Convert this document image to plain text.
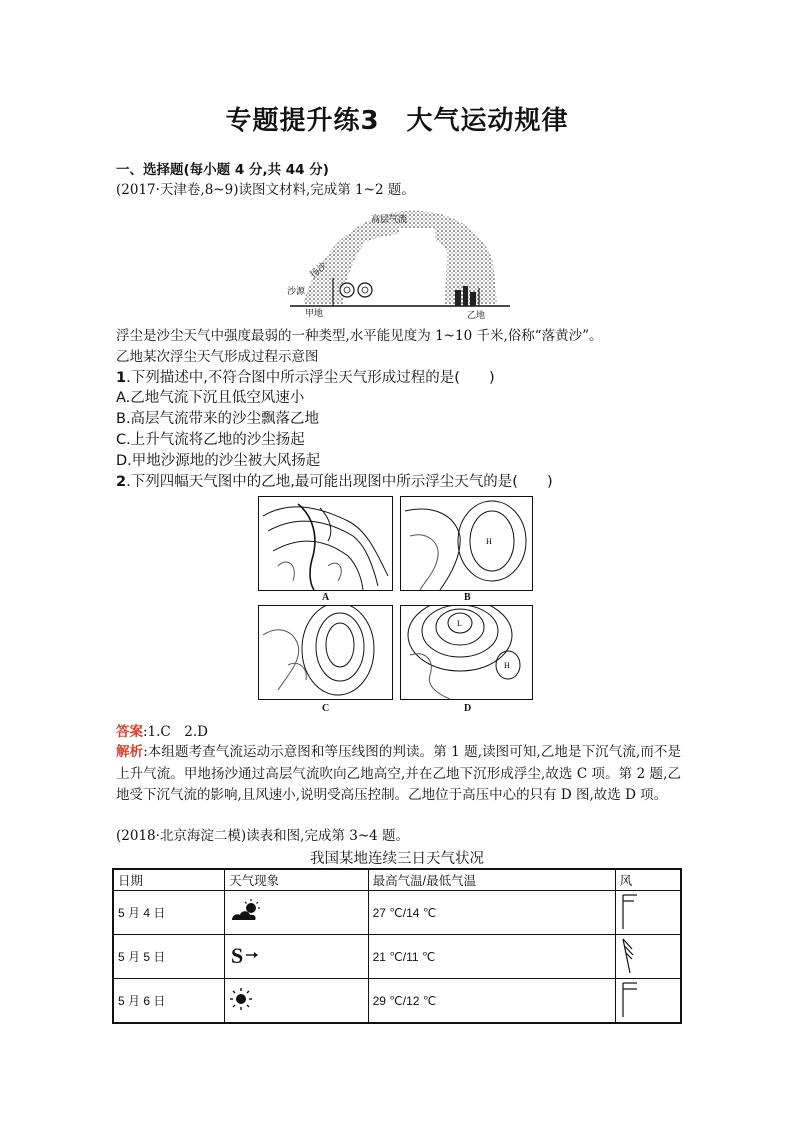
专题提升练3　大气运动规律
一、选择题(每小题 4 分,共 44 分)
(2017·天津卷,8~9)读图文材料,完成第 1~2 题。
高层气流
沙源
扬沙
甲地	乙地
浮尘是沙尘天气中强度最弱的一种类型,水平能见度为 1~10 千米,俗称“落黄沙”。
乙地某次浮尘天气形成过程示意图
1.下列描述中,不符合图中所示浮尘天气形成过程的是(　　)
A.乙地气流下沉且低空风速小
B.高层气流带来的沙尘飘落乙地
C.上升气流将乙地的沙尘扬起
D.甲地沙源地的沙尘被大风扬起
2.下列四幅天气图中的乙地,最可能出现图中所示浮尘天气的是(　　)
H
L
H
A	B
C	D
答案:1.C　2.D
解析:本组题考查气流运动示意图和等压线图的判读。第 1 题,读图可知,乙地是下沉气流,而不是上升气流。甲地扬沙通过高层气流吹向乙地高空,并在乙地下沉形成浮尘,故选 C 项。第 2 题,乙地受下沉气流的影响,且风速小,说明受高压控制。乙地位于高压中心的只有 D 图,故选 D 项。
(2018·北京海淀二模)读表和图,完成第 3~4 题。
我国某地连续三日天气状况
日期	天气现象	最高气温/最低气温	风
5 月 4 日		27 ℃/14 ℃	
5 月 5 日	S	21 ℃/11 ℃	
5 月 6 日		29 ℃/12 ℃	
